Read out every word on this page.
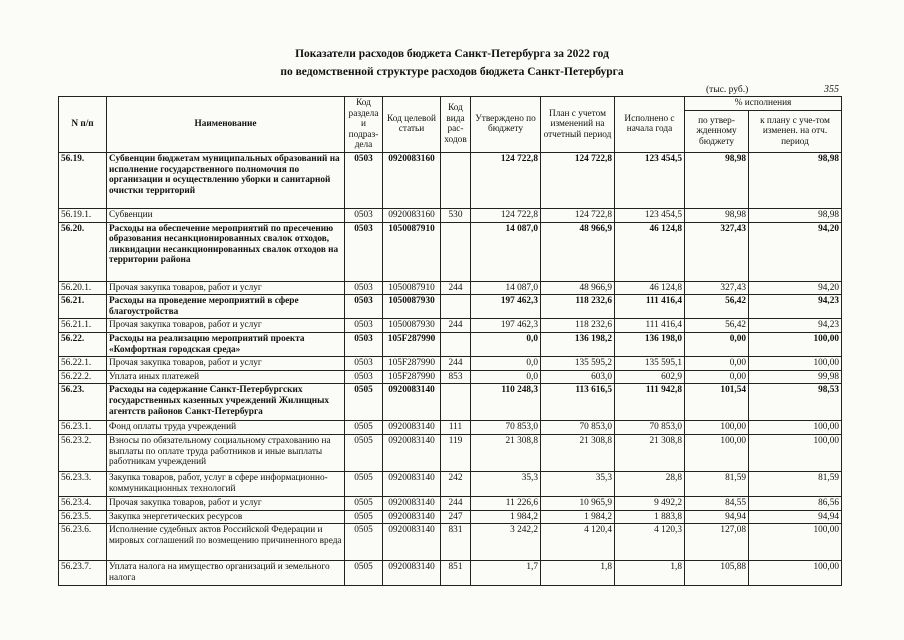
Показатели расходов бюджета Санкт-Петербурга за 2022 год
по ведомственной структуре расходов бюджета Санкт-Петербурга
(тыс. руб.)	355
N п/п	Наименование	Код раздела и подраз-дела	Код целевой статьи	Код вида рас-ходов	Утверждено по бюджету	План с учетом изменений на отчетный период	Исполнено с начала года	% исполнения	
								по утвер-жденному бюджету	к плану с уче-том изменен. на отч. период
56.19.	Субвенции бюджетам муниципальных образований на исполнение государственного полномочия по организации и осуществлению уборки и санитарной очистки территорий	0503	0920083160		124 722,8	124 722,8	123 454,5	98,98	98,98
56.19.1.	Субвенции	0503	0920083160	530	124 722,8	124 722,8	123 454,5	98,98	98,98
56.20.	Расходы на обеспечение мероприятий по пресечению образования несанкционированных свалок отходов, ликвидации несанкционированных свалок отходов на территории района	0503	1050087910		14 087,0	48 966,9	46 124,8	327,43	94,20
56.20.1.	Прочая закупка товаров, работ и услуг	0503	1050087910	244	14 087,0	48 966,9	46 124,8	327,43	94,20
56.21.	Расходы на проведение мероприятий в сфере благоустройства	0503	1050087930		197 462,3	118 232,6	111 416,4	56,42	94,23
56.21.1.	Прочая закупка товаров, работ и услуг	0503	1050087930	244	197 462,3	118 232,6	111 416,4	56,42	94,23
56.22.	Расходы на реализацию мероприятий проекта «Комфортная городская среда»	0503	105F287990		0,0	136 198,2	136 198,0	0,00	100,00
56.22.1.	Прочая закупка товаров, работ и услуг	0503	105F287990	244	0,0	135 595,2	135 595,1	0,00	100,00
56.22.2.	Уплата иных платежей	0503	105F287990	853	0,0	603,0	602,9	0,00	99,98
56.23.	Расходы на содержание Санкт-Петербургских государственных казенных учреждений Жилищных агентств районов Санкт-Петербурга	0505	0920083140		110 248,3	113 616,5	111 942,8	101,54	98,53
56.23.1.	Фонд оплаты труда учреждений	0505	0920083140	111	70 853,0	70 853,0	70 853,0	100,00	100,00
56.23.2.	Взносы по обязательному социальному страхованию на выплаты по оплате труда работников и иные выплаты работникам учреждений	0505	0920083140	119	21 308,8	21 308,8	21 308,8	100,00	100,00
56.23.3.	Закупка товаров, работ, услуг в сфере информационно-коммуникационных технологий	0505	0920083140	242	35,3	35,3	28,8	81,59	81,59
56.23.4.	Прочая закупка товаров, работ и услуг	0505	0920083140	244	11 226,6	10 965,9	9 492,2	84,55	86,56
56.23.5.	Закупка энергетических ресурсов	0505	0920083140	247	1 984,2	1 984,2	1 883,8	94,94	94,94
56.23.6.	Исполнение судебных актов Российской Федерации и мировых соглашений по возмещению причиненного вреда	0505	0920083140	831	3 242,2	4 120,4	4 120,3	127,08	100,00
56.23.7.	Уплата налога на имущество организаций и земельного налога	0505	0920083140	851	1,7	1,8	1,8	105,88	100,00
